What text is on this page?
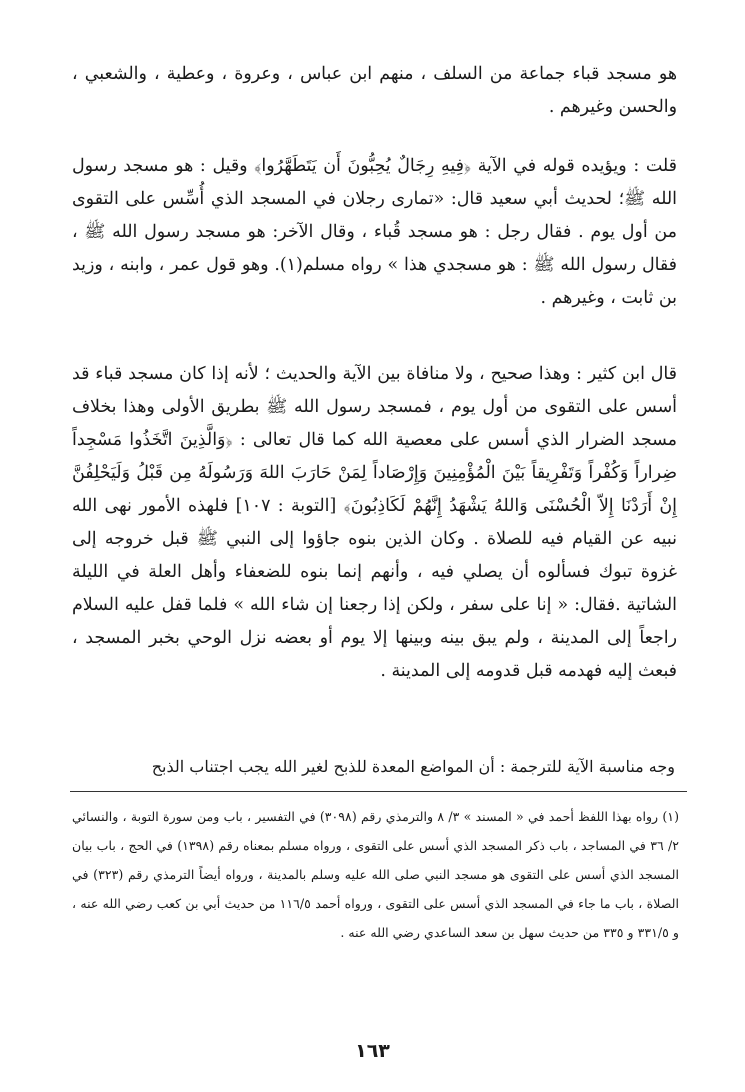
هو مسجد قباء جماعة من السلف ، منهم ابن عباس ، وعروة ، وعطية ، والشعبي ، والحسن وغيرهم .

قلت : ويؤيده قوله في الآية ﴿فِيهِ رِجَالٌ يُحِبُّونَ أَن يَتَطَهَّرُوا﴾ وقيل : هو مسجد رسول الله ﷺ؛ لحديث أبي سعيد قال: «تمارى رجلان في المسجد الذي أُسِّس على التقوى من أول يوم . فقال رجل : هو مسجد قُباء ، وقال الآخر: هو مسجد رسول الله ﷺ ، فقال رسول الله ﷺ : هو مسجدي هذا » رواه مسلم(١). وهو قول عمر ، وابنه ، وزيد بن ثابت ، وغيرهم .

قال ابن كثير : وهذا صحيح ، ولا منافاة بين الآية والحديث ؛ لأنه إذا كان مسجد قباء قد أسس على التقوى من أول يوم ، فمسجد رسول الله ﷺ بطريق الأولى وهذا بخلاف مسجد الضرار الذي أسس على معصية الله كما قال تعالى : ﴿وَالَّذِينَ اتَّخَذُوا مَسْجِداً ضِراراً وَكُفْراً وَتَفْرِيقاً بَيْنَ الْمُؤْمِنِينَ وَإِرْصَاداً لِمَنْ حَارَبَ اللهَ وَرَسُولَهُ مِن قَبْلُ وَلَيَحْلِفُنَّ إِنْ أَرَدْنَا إِلاّ الْحُسْنَى وَاللهُ يَشْهَدُ إِنَّهُمْ لَكَاذِبُونَ﴾ [التوبة : ١٠٧] فلهذه الأمور نهى الله نبيه عن القيام فيه للصلاة . وكان الذين بنوه جاؤوا إلى النبي ﷺ قبل خروجه إلى غزوة تبوك فسألوه أن يصلي فيه ، وأنهم إنما بنوه للضعفاء وأهل العلة في الليلة الشاتية .فقال: « إنا على سفر ، ولكن إذا رجعنا إن شاء الله » فلما قفل عليه السلام راجعاً إلى المدينة ، ولم يبق بينه وبينها إلا يوم أو بعضه نزل الوحي بخبر المسجد ، فبعث إليه فهدمه قبل قدومه إلى المدينة .

وجه مناسبة الآية للترجمة : أن المواضع المعدة للذبح لغير الله يجب اجتناب الذبح

(١) رواه بهذا اللفظ أحمد في « المسند » ٣/ ٨ والترمذي رقم (٣٠٩٨) في التفسير ، باب ومن سورة التوبة ، والنسائي ٢/ ٣٦ في المساجد ، باب ذكر المسجد الذي أسس على التقوى ، ورواه مسلم بمعناه رقم (١٣٩٨) في الحج ، باب بيان المسجد الذي أسس على التقوى هو مسجد النبي صلى الله عليه وسلم بالمدينة ، ورواه أيضاً الترمذي رقم (٣٢٣) في الصلاة ، باب ما جاء في المسجد الذي أسس على التقوى ، ورواه أحمد ١١٦/٥ من حديث أبي بن كعب رضي الله عنه ، و ٣٣١/٥ و ٣٣٥ من حديث سهل بن سعد الساعدي رضي الله عنه .

١٦٣
